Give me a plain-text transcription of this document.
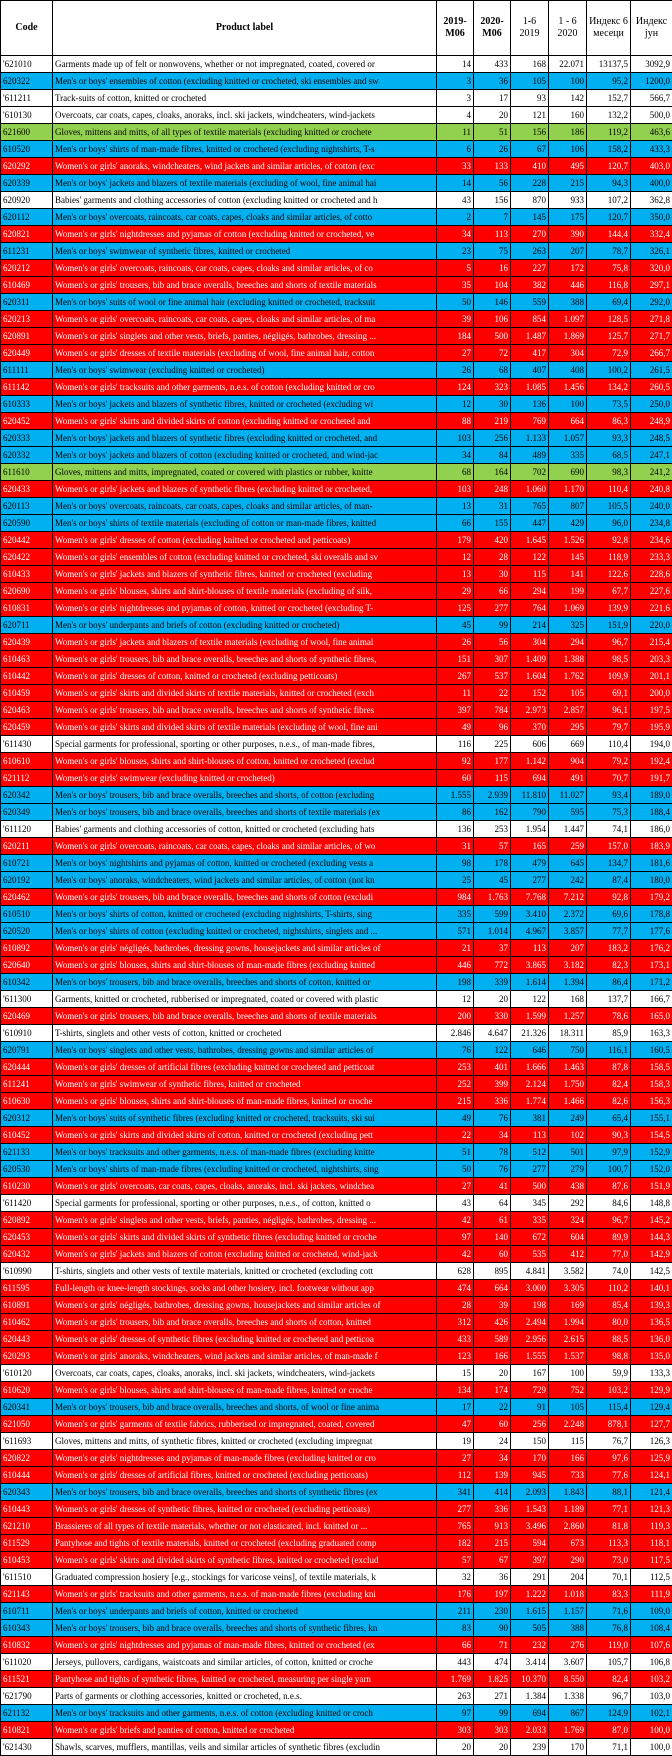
Code	Product label	2019-M06	2020-M06	1-6 2019	1 - 6 2020	Индекс 6 месеци	Индекс јун
'621010	Garments made up of felt or nonwovens, whether or not impregnated, coated, covered or	14	433	168	22.071	13137,5	3092,9
620322	Men's or boys' ensembles of cotton (excluding knitted or crocheted, ski ensembles and sw	3	36	105	100	95,2	1200,0
'611211	Track-suits of cotton, knitted or crocheted	3	17	93	142	152,7	566,7
'610130	Overcoats, car coats, capes, cloaks, anoraks, incl. ski jackets, windcheaters, wind-jackets	4	20	121	160	132,2	500,0
621600	Gloves, mittens and mitts, of all types of textile materials (excluding knitted or crochete	11	51	156	186	119,2	463,6
610520	Men's or boys' shirts of man-made fibres, knitted or crocheted (excluding nightshirts, T-s	6	26	67	106	158,2	433,3
620292	Women's or girls' anoraks, windcheaters, wind jackets and similar articles, of cotton (exc	33	133	410	495	120,7	403,0
620339	Men's or boys' jackets and blazers of textile materials (excluding of wool, fine animal hai	14	56	228	215	94,3	400,0
620920	Babies' garments and clothing accessories of cotton (excluding knitted or crocheted and h	43	156	870	933	107,2	362,8
620112	Men's or boys' overcoats, raincoats, car coats, capes, cloaks and similar articles, of cotto	2	7	145	175	120,7	350,0
620821	Women's or girls' nightdresses and pyjamas of cotton (excluding knitted or crocheted, ve	34	113	270	390	144,4	332,4
611231	Men's or boys' swimwear of synthetic fibres, knitted or crocheted	23	75	263	207	78,7	326,1
620212	Women's or girls' overcoats, raincoats, car coats, capes, cloaks and similar articles, of co	5	16	227	172	75,8	320,0
610469	Women's or girls' trousers, bib and brace overalls, breeches and shorts of textile materials	35	104	382	446	116,8	297,1
620311	Men's or boys' suits of wool or fine animal hair (excluding knitted or crocheted, tracksuit	50	146	559	388	69,4	292,0
620213	Women's or girls' overcoats, raincoats, car coats, capes, cloaks and similar articles, of ma	39	106	854	1.097	128,5	271,8
620891	Women's or girls' singlets and other vests, briefs, panties, négligés, bathrobes, dressing ...	184	500	1.487	1.869	125,7	271,7
620449	Women's or girls' dresses of textile materials (excluding of wool, fine animal hair, cotton	27	72	417	304	72,9	266,7
611111	Men's or boys' swimwear (excluding knitted or crocheted)	26	68	407	408	100,2	261,5
611142	Women's or girls' tracksuits and other garments, n.e.s. of cotton (excluding knitted or cro	124	323	1.085	1.456	134,2	260,5
610333	Men's or boys' jackets and blazers of synthetic fibres, knitted or crocheted (excluding wi	12	30	136	100	73,5	250,0
620452	Women's or girls' skirts and divided skirts of cotton (excluding knitted or crocheted and	88	219	769	664	86,3	248,9
620333	Men's or boys' jackets and blazers of synthetic fibres (excluding knitted or crocheted, and	103	256	1.133	1.057	93,3	248,5
620332	Men's or boys' jackets and blazers of cotton (excluding knitted or crocheted, and wind-jac	34	84	489	335	68,5	247,1
611610	Gloves, mittens and mitts, impregnated, coated or covered with plastics or rubber, knitte	68	164	702	690	98,3	241,2
620433	Women's or girls' jackets and blazers of synthetic fibres (excluding knitted or crocheted,	103	248	1.060	1.170	110,4	240,8
620113	Men's or boys' overcoats, raincoats, car coats, capes, cloaks and similar articles, of man-	13	31	765	807	105,5	240,0
620590	Men's or boys' shirts of textile materials (excluding of cotton or man-made fibres, knitted	66	155	447	429	96,0	234,8
620442	Women's or girls' dresses of cotton (excluding knitted or crocheted and petticoats)	179	420	1.645	1.526	92,8	234,6
620422	Women's or girls' ensembles of cotton (excluding knitted or crocheted, ski overalls and sv	12	28	122	145	118,9	233,3
610433	Women's or girls' jackets and blazers of synthetic fibres, knitted or crocheted (excluding	13	30	115	141	122,6	228,6
620690	Women's or girls' blouses, shirts and shirt-blouses of textile materials (excluding of silk,	29	66	294	199	67,7	227,6
610831	Women's or girls' nightdresses and pyjamas of cotton, knitted or crocheted (excluding T-	125	277	764	1.069	139,9	221,6
620711	Men's or boys' underpants and briefs of cotton (excluding knitted or crocheted)	45	99	214	325	151,9	220,0
620439	Women's or girls' jackets and blazers of textile materials (excluding of wool, fine animal	26	56	304	294	96,7	215,4
610463	Women's or girls' trousers, bib and brace overalls, breeches and shorts of synthetic fibres,	151	307	1.409	1.388	98,5	203,3
610442	Women's or girls' dresses of cotton, knitted or crocheted (excluding petticoats)	267	537	1.604	1.762	109,9	201,1
610459	Women's or girls' skirts and divided skirts of textile materials, knitted or crocheted (exch	11	22	152	105	69,1	200,0
620463	Women's or girls' trousers, bib and brace overalls, breeches and shorts of synthetic fibres	397	784	2.973	2.857	96,1	197,5
620459	Women's or girls' skirts and divided skirts of textile materials (excluding of wool, fine ani	49	96	370	295	79,7	195,9
'611430	Special garments for professional, sporting or other purposes, n.e.s., of man-made fibres,	116	225	606	669	110,4	194,0
610610	Women's or girls' blouses, shirts and shirt-blouses of cotton, knitted or crocheted (exclud	92	177	1.142	904	79,2	192,4
621112	Women's or girls' swimwear (excluding knitted or crocheted)	60	115	694	491	70,7	191,7
620342	Men's or boys' trousers, bib and brace overalls, breeches and shorts, of cotton (excluding	1.555	2.939	11.810	11.027	93,4	189,0
620349	Men's or boys' trousers, bib and brace overalls, breeches and shorts of textile materials (ex	86	162	790	595	75,3	188,4
'611120	Babies' garments and clothing accessories of cotton, knitted or crocheted (excluding hats	136	253	1.954	1.447	74,1	186,0
620211	Women's or girls' overcoats, raincoats, car coats, capes, cloaks and similar articles, of wo	31	57	165	259	157,0	183,9
610721	Men's or boys' nightshirts and pyjamas of cotton, knitted or crocheted (excluding vests a	98	178	479	645	134,7	181,6
620192	Men's or boys' anoraks, windcheaters, wind jackets and similar articles, of cotton (not kn	25	45	277	242	87,4	180,0
620462	Women's or girls' trousers, bib and brace overalls, breeches and shorts of cotton (excludi	984	1.763	7.768	7.212	92,8	179,2
610510	Men's or boys' shirts of cotton, knitted or crocheted (excluding nightshirts, T-shirts, sing	335	599	3.410	2.372	69,6	178,8
620520	Men's or boys' shirts of cotton (excluding knitted or crocheted, nightshirts, singlets and ...	571	1.014	4.967	3.857	77,7	177,6
610892	Women's or girls' négligés, bathrobes, dressing gowns, housejackets and similar articles of	21	37	113	207	183,2	176,2
620640	Women's or girls' blouses, shirts and shirt-blouses of man-made fibres (excluding knitted	446	772	3.865	3.182	82,3	173,1
610342	Men's or boys' trousers, bib and brace overalls, breeches and shorts of cotton, knitted or	198	339	1.614	1.394	86,4	171,2
'611300	Garments, knitted or crocheted, rubberised or impregnated, coated or covered with plastic	12	20	122	168	137,7	166,7
620469	Women's or girls' trousers, bib and brace overalls, breeches and shorts of textile materials	200	330	1.599	1.257	78,6	165,0
'610910	T-shirts, singlets and other vests of cotton, knitted or crocheted	2.846	4.647	21.326	18.311	85,9	163,3
620791	Men's or boys' singlets and other vests, bathrobes, dressing gowns and similar articles of	76	122	646	750	116,1	160,5
620444	Women's or girls' dresses of artificial fibres (excluding knitted or crocheted and petticoat	253	401	1.666	1.463	87,8	158,5
611241	Women's or girls' swimwear of synthetic fibres, knitted or crocheted	252	399	2.124	1.750	82,4	158,3
610630	Women's or girls' blouses, shirts and shirt-blouses of man-made fibres, knitted or croche	215	336	1.774	1.466	82,6	156,3
620312	Men's or boys' suits of synthetic fibres (excluding knitted or crocheted, tracksuits, ski sui	49	76	381	249	65,4	155,1
610452	Women's or girls' skirts and divided skirts of cotton, knitted or crocheted (excluding pett	22	34	113	102	90,3	154,5
621133	Men's or boys' tracksuits and other garments, n.e.s. of man-made fibres (excluding knitte	51	78	512	501	97,9	152,9
620530	Men's or boys' shirts of man-made fibres (excluding knitted or crocheted, nightshirts, sing	50	76	277	279	100,7	152,0
610230	Women's or girls' overcoats, car coats, capes, cloaks, anoraks, incl. ski jackets, windchea	27	41	500	438	87,6	151,9
'611420	Special garments for professional, sporting or other purposes, n.e.s., of cotton, knitted o	43	64	345	292	84,6	148,8
620892	Women's or girls' singlets and other vests, briefs, panties, négligés, bathrobes, dressing ...	42	61	335	324	96,7	145,2
620453	Women's or girls' skirts and divided skirts of synthetic fibres (excluding knitted or croche	97	140	672	604	89,9	144,3
620432	Women's or girls' jackets and blazers of cotton (excluding knitted or crocheted, wind-jack	42	60	535	412	77,0	142,9
'610990	T-shirts, singlets and other vests of textile materials, knitted or crocheted (excluding cott	628	895	4.841	3.582	74,0	142,5
611595	Full-length or knee-length stockings, socks and other hosiery, incl. footwear without app	474	664	3.000	3.305	110,2	140,1
610891	Women's or girls' négligés, bathrobes, dressing gowns, housejackets and similar articles of	28	39	198	169	85,4	139,3
610462	Women's or girls' trousers, bib and brace overalls, breeches and shorts of cotton, knitted	312	426	2.494	1.994	80,0	136,5
620443	Women's or girls' dresses of synthetic fibres (excluding knitted or crocheted and petticoa	433	589	2.956	2.615	88,5	136,0
620293	Women's or girls' anoraks, windcheaters, wind jackets and similar articles, of man-made f	123	166	1.555	1.537	98,8	135,0
'610120	Overcoats, car coats, capes, cloaks, anoraks, incl. ski jackets, windcheaters, wind-jackets	15	20	167	100	59,9	133,3
610620	Women's or girls' blouses, shirts and shirt-blouses of man-made fibres, knitted or croche	134	174	729	752	103,2	129,9
620341	Men's or boys' trousers, bib and brace overalls, breeches and shorts, of wool or fine anima	17	22	91	105	115,4	129,4
621050	Women's or girls' garments of textile fabrics, rubberised or impregnated, coated, covered	47	60	256	2.248	878,1	127,7
'611693	Gloves, mittens and mitts, of synthetic fibres, knitted or crocheted (excluding impregnat	19	24	150	115	76,7	126,3
620822	Women's or girls' nightdresses and pyjamas of man-made fibres (excluding knitted or cro	27	34	170	166	97,6	125,9
610444	Women's or girls' dresses of artificial fibres, knitted or crocheted (excluding petticoats)	112	139	945	733	77,6	124,1
620343	Men's or boys' trousers, bib and brace overalls, breeches and shorts of synthetic fibres (ex	341	414	2.093	1.843	88,1	121,4
610443	Women's or girls' dresses of synthetic fibres, knitted or crocheted (excluding petticoats)	277	336	1.543	1.189	77,1	121,3
621210	Brassieres of all types of textile materials, whether or not elasticated, incl. knitted or ...	765	913	3.496	2.860	81,8	119,3
611529	Pantyhose and tights of textile materials, knitted or crocheted (excluding graduated comp	182	215	594	673	113,3	118,1
610453	Women's or girls' skirts and divided skirts of synthetic fibres, knitted or crocheted (exclud	57	67	397	290	73,0	117,5
'611510	Graduated compression hosiery [e.g., stockings for varicose veins], of textile materials, k	32	36	291	204	70,1	112,5
621143	Women's or girls' tracksuits and other garments, n.e.s. of man-made fibres (excluding kni	176	197	1.222	1.018	83,3	111,9
610711	Men's or boys' underpants and briefs of cotton, knitted or crocheted	211	230	1.615	1.157	71,6	109,0
610343	Men's or boys' trousers, bib and brace overalls, breeches and shorts of synthetic fibres, kn	83	90	505	388	76,8	108,4
610832	Women's or girls' nightdresses and pyjamas of man-made fibres, knitted or crocheted (ex	66	71	232	276	119,0	107,6
'611020	Jerseys, pullovers, cardigans, waistcoats and similar articles, of cotton, knitted or croche	443	474	3.414	3.607	105,7	106,8
611521	Pantyhose and tights of synthetic fibres, knitted or crocheted, measuring per single yarn	1.769	1.825	10.370	8.550	82,4	103,2
'621790	Parts of garments or clothing accessories, knitted or crocheted, n.e.s.	263	271	1.384	1.338	96,7	103,0
621132	Men's or boys' tracksuits and other garments, n.e.s. of cotton (excluding knitted or croch	97	99	694	867	124,9	102,1
610821	Women's or girls' briefs and panties of cotton, knitted or crocheted	303	303	2.033	1.769	87,0	100,0
'621430	Shawls, scarves, mufflers, mantillas, veils and similar articles of synthetic fibres (excludin	20	20	239	170	71,1	100,0
